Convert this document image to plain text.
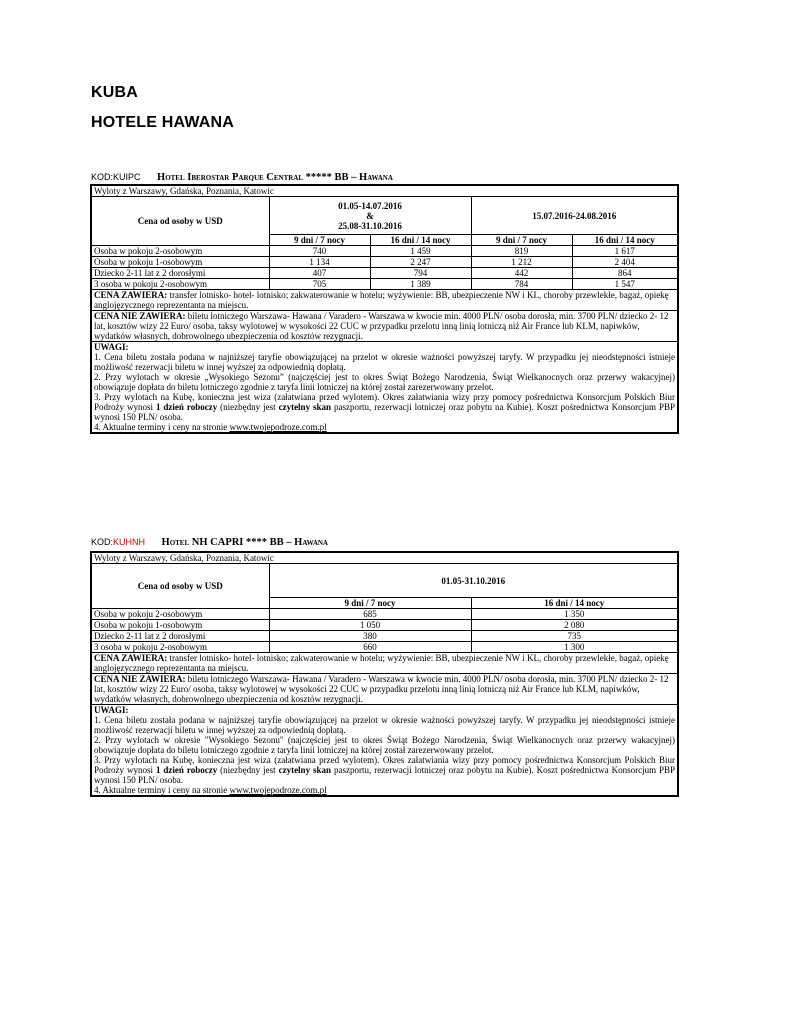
KUBA
HOTELE HAWANA
KOD:KUIPC Hotel Iberostar Parque Central ***** BB – Hawana
Wyloty z Warszawy, Gdańska, Poznania, Katowic				
Cena od osoby w USD	01.05-14.07.2016
&
25.08-31.10.2016		15.07.2016-24.08.2016	
	9 dni / 7 nocy	16 dni / 14 nocy	9 dni / 7 nocy	16 dni / 14 nocy
Osoba w pokoju 2-osobowym	740	1 459	819	1 617
Osoba w pokoju 1-osobowym	1 134	2 247	1 212	2 404
Dziecko 2-11 lat z 2 dorosłymi	407	794	442	864
3 osoba w pokoju 2-osobowym	705	1 389	784	1 547
CENA ZAWIERA: transfer lotnisko- hotel- lotnisko; zakwaterowanie w hotelu; wyżywienie: BB, ubezpieczenie NW i KL, choroby przewlekłe, bagaż, opiekę anglojęzycznego reprezentanta na miejscu.				
CENA NIE ZAWIERA: biletu lotniczego Warszawa- Hawana / Varadero - Warszawa w kwocie min. 4000 PLN/ osoba dorosła, min. 3700 PLN/ dziecko 2- 12 lat, kosztów wizy 22 Euro/ osoba, taksy wylotowej w wysokości 22 CUC w przypadku przelotu inną linią lotniczą niż Air France lub KLM, napiwków, wydatków własnych, dobrowolnego ubezpieczenia od kosztów rezygnacji.				

UWAGI:
1. Cena biletu została podana w najniższej taryfie obowiązującej na przelot w okresie ważności powyższej taryfy. W przypadku jej nieodstępności istnieje możliwość rezerwacji biletu w innej wyższej za odpowiednią dopłatą.
2. Przy wylotach w okresie „Wysokiego Sezonu” (najczęściej jest to okres Świąt Bożego Narodzenia, Świąt Wielkanocnych oraz przerwy wakacyjnej) obowiązuje dopłata do biletu lotniczego zgodnie z taryfa linii lotniczej na której został zarezerwowany przelot.
3. Przy wylotach na Kubę, konieczna jest wiza (załatwiana przed wylotem). Okres załatwiania wizy przy pomocy pośrednictwa Konsorcjum Polskich Biur Podroży wynosi 1 dzień roboczy (niezbędny jest czytelny skan paszportu, rezerwacji lotniczej oraz pobytu na Kubie). Koszt pośrednictwa Konsorcjum PBP wynosi 150 PLN/ osoba.
4. Aktualne terminy i ceny na stronie www.twojepodroze.com.pl				
KOD:KUHNH Hotel NH CAPRI **** BB – Hawana
Wyloty z Warszawy, Gdańska, Poznania, Katowic		
Cena od osoby w USD	01.05-31.10.2016	
	9 dni / 7 nocy	16 dni / 14 nocy
Osoba w pokoju 2-osobowym	685	1 350
Osoba w pokoju 1-osobowym	1 050	2 080
Dziecko 2-11 lat z 2 dorosłymi	380	735
3 osoba w pokoju 2-osobowym	660	1 300
CENA ZAWIERA: transfer lotnisko- hotel- lotnisko; zakwaterowanie w hotelu; wyżywienie: BB, ubezpieczenie NW i KL, choroby przewlekłe, bagaż, opiekę anglojęzycznego reprezentanta na miejscu.		
CENA NIE ZAWIERA: biletu lotniczego Warszawa- Hawana / Varadero - Warszawa w kwocie min. 4000 PLN/ osoba dorosła, min. 3700 PLN/ dziecko 2- 12 lat, kosztów wizy 22 Euro/ osoba, taksy wylotowej w wysokości 22 CUC w przypadku przelotu inną linią lotniczą niż Air France lub KLM, napiwków, wydatków własnych, dobrowolnego ubezpieczenia od kosztów rezygnacji.		

UWAGI:
1. Cena biletu została podana w najniższej taryfie obowiązującej na przelot w okresie ważności powyższej taryfy. W przypadku jej nieodstępności istnieje możliwość rezerwacji biletu w innej wyższej za odpowiednią dopłatą.
2. Przy wylotach w okresie "Wysokiego Sezonu" (najczęściej jest to okres Świąt Bożego Narodzenia, Świąt Wielkanocnych oraz przerwy wakacyjnej) obowiązuje dopłata do biletu lotniczego zgodnie z taryfa linii lotniczej na której został zarezerwowany przelot.
3. Przy wylotach na Kubę, konieczna jest wiza (załatwiana przed wylotem). Okres załatwiania wizy przy pomocy pośrednictwa Konsorcjum Polskich Biur Podroży wynosi 1 dzień roboczy (niezbędny jest czytelny skan paszportu, rezerwacji lotniczej oraz pobytu na Kubie). Koszt pośrednictwa Konsorcjum PBP wynosi 150 PLN/ osoba.
4. Aktualne terminy i ceny na stronie www.twojepodroze.com.pl		
